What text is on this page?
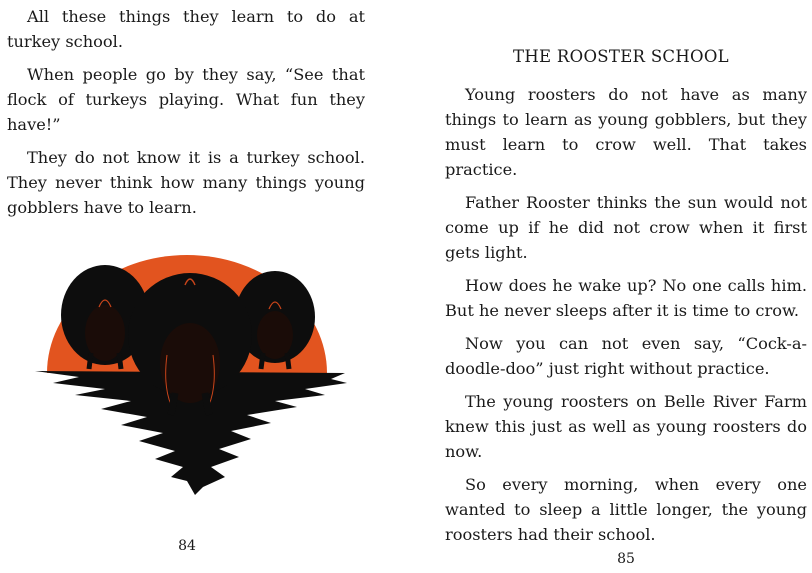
All these things they learn to do at turkey school.

When people go by they say, “See that flock of turkeys playing. What fun they have!”

They do not know it is a turkey school. They never think how many things young gobblers have to learn.

84
THE ROOSTER SCHOOL

Young roosters do not have as many things to learn as young gobblers, but they must learn to crow well. That takes practice.

Father Rooster thinks the sun would not come up if he did not crow when it first gets light.

How does he wake up? No one calls him. But he never sleeps after it is time to crow.

Now you can not even say, “Cock-a-doodle-doo” just right without practice.

The young roosters on Belle River Farm knew this just as well as young roosters do now.

So every morning, when every one wanted to sleep a little longer, the young roosters had their school.

85
